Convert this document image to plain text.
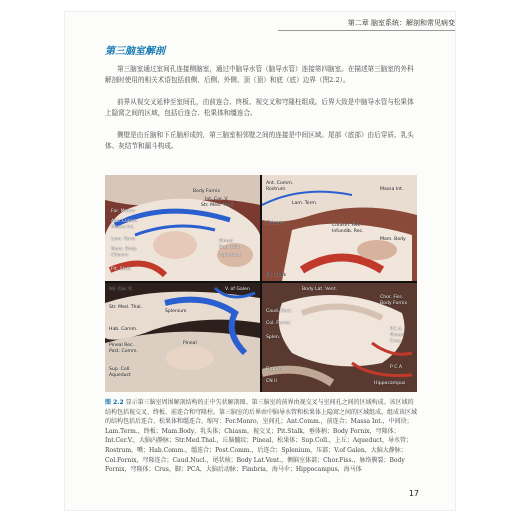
第二章 脑室系统：解剖和常见病变
第三脑室解剖
第三脑室通过室间孔连接侧脑室，通过中脑导水管（脑导水管）连接第四脑室。在描述第三脑室的外科解剖时使用的相关术语包括前侧、后侧、外侧、顶（顶）和底（底）边界（图2.2）。
前界从视交叉延伸至室间孔，由前连合、终板、视交叉和穹隆柱组成。后界大致是中脑导水管与松果体上隐窝之间的区域，包括后连合、松果体和缰连合。
侧壁是由丘脑和下丘脑形成的，第三脑室相邻壁之间的连接是中间区域。尾部（底部）由后穿质、乳头体、灰结节和漏斗构成。
Body Fornix
Int. Cer. V.
Str. Med. Thal.
For. Monro
Ant. Comm.
Massa Int.
Lam. Term.
Mam. Body
Chiasm
Pit. Stalk
Pineal
Sup. Coll.
Aqueduct
Ant. Comm.
Rostrum
Lam. Term.
Massa Int.
Chiasm	Chiasm. Rec.
Infundib. Rec.
Mam. Body
Pit. Stalk
Int. Cer. V.
Splenium
V. of Galen
Str. Med. Thal.
Hab. Comm.
Pineal Rec.
Post. Comm.
Pineal
Sup. Coll.
Aqueduct
Body Lat. Vent.
Chor. Fiss.
Body Fornix
Caud. Nucl.
Col. Fornix
Splen.
P.C.A.
Pineal
Crus
P C A
Fimbria
CN II	Hippocampus
图 2.2 显示第三脑室周围解剖结构的正中矢状解剖图。第三脑室的前界由视交叉与室间孔之间的区域构成。该区域的结构包括视交叉、终板、前连合和穹隆柱。第三脑室的后界由中脑导水管和松果体上隐窝之间的区域组成。组成该区域的结构包括后连合、松果体和缰连合。缩写：For.Monro，室间孔；Ant.Comm.，前连合；Massa Int.，中间块；Lam.Term.，终板；Mam.Body，乳头体；Chiasm，视交叉；Pit.Stalk，垂体柄；Body Fornix，穹隆体；Int.Cer.V.，大脑内静脉；Str.Med.Thal.，丘脑髓纹；Pineal，松果体；Sup.Coll.，上丘；Aqueduct，导水管；Rostrum，嘴；Hab.Comm.，缰连合；Post.Comm.，后连合；Splenium，压部；V.of Galen，大脑大静脉；Col.Fornix，穹隆连合；Caud.Nucl.，尾状核；Body Lat.Vent.，侧脑室体部；Chor.Fiss.，脉络膜裂；Body Fornix，穹隆体；Crus，脚；PCA，大脑后动脉；Fimbria，海马伞；Hippocampus，海马体
17
